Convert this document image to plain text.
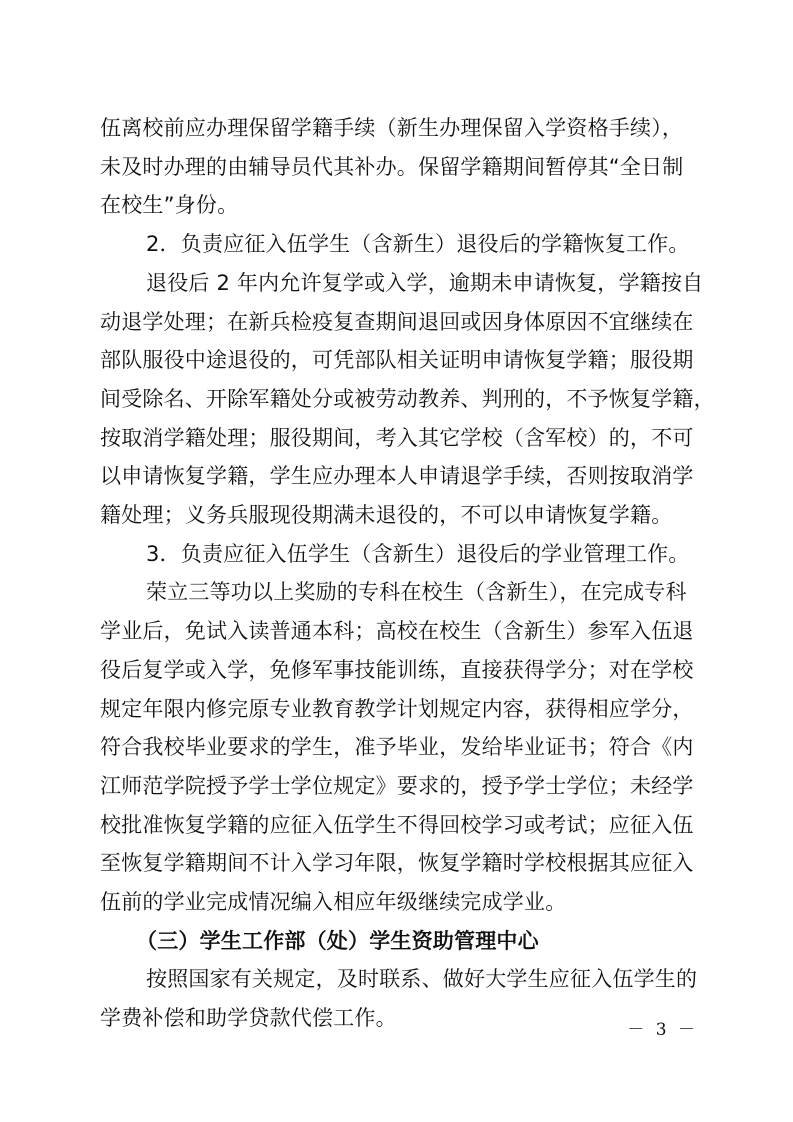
伍离校前应办理保留学籍手续（新生办理保留入学资格手续），
未及时办理的由辅导员代其补办。保留学籍期间暂停其“全日制
在校生”身份。
2．负责应征入伍学生（含新生）退役后的学籍恢复工作。
退役后 2 年内允许复学或入学，逾期未申请恢复，学籍按自
动退学处理；在新兵检疫复查期间退回或因身体原因不宜继续在
部队服役中途退役的，可凭部队相关证明申请恢复学籍；服役期
间受除名、开除军籍处分或被劳动教养、判刑的，不予恢复学籍，
按取消学籍处理；服役期间，考入其它学校（含军校）的，不可
以申请恢复学籍，学生应办理本人申请退学手续，否则按取消学
籍处理；义务兵服现役期满未退役的，不可以申请恢复学籍。
3．负责应征入伍学生（含新生）退役后的学业管理工作。
荣立三等功以上奖励的专科在校生（含新生），在完成专科
学业后，免试入读普通本科；高校在校生（含新生）参军入伍退
役后复学或入学，免修军事技能训练，直接获得学分；对在学校
规定年限内修完原专业教育教学计划规定内容，获得相应学分，
符合我校毕业要求的学生，准予毕业，发给毕业证书；符合《内
江师范学院授予学士学位规定》要求的，授予学士学位；未经学
校批准恢复学籍的应征入伍学生不得回校学习或考试；应征入伍
至恢复学籍期间不计入学习年限，恢复学籍时学校根据其应征入
伍前的学业完成情况编入相应年级继续完成学业。
（三）学生工作部（处）学生资助管理中心
按照国家有关规定，及时联系、做好大学生应征入伍学生的
学费补偿和助学贷款代偿工作。	－ 3 －
